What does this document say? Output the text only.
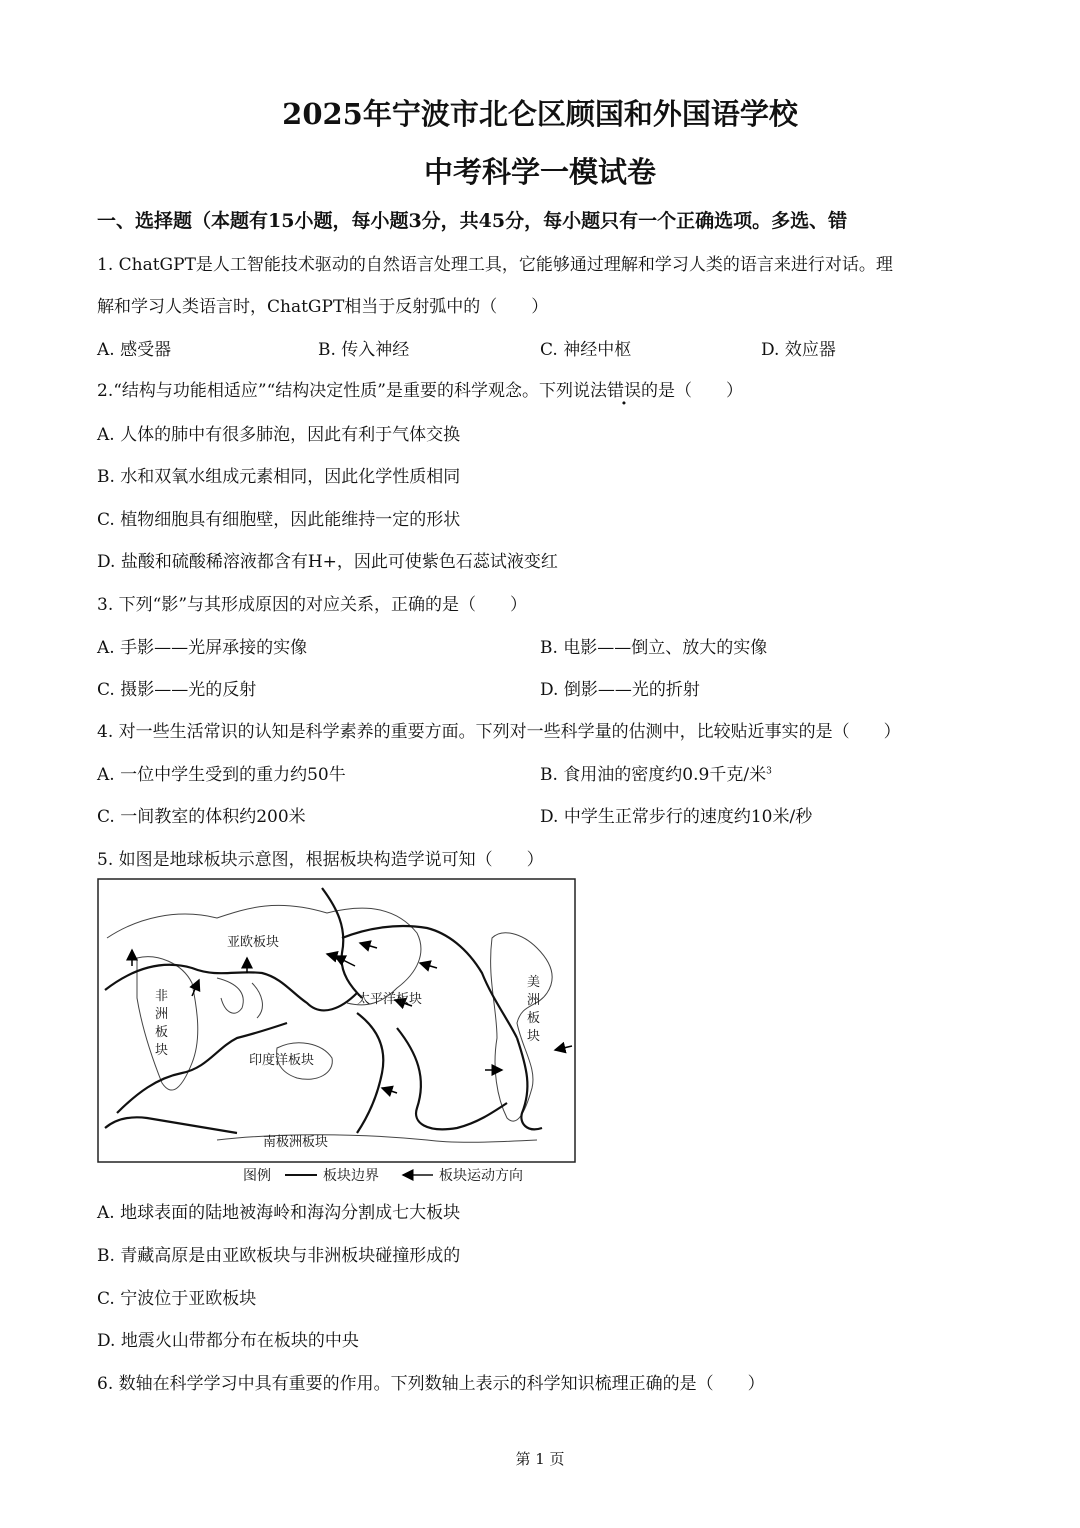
2025年宁波市北仑区顾国和外国语学校
中考科学一模试卷
一、选择题（本题有15小题，每小题3分，共45分，每小题只有一个正确选项。多选、错
1. ChatGPT是人工智能技术驱动的自然语言处理工具，它能够通过理解和学习人类的语言来进行对话。理
解和学习人类语言时，ChatGPT相当于反射弧中的（　　）
A. 感受器	B. 传入神经	C. 神经中枢	D. 效应器
2.“结构与功能相适应”“结构决定性质”是重要的科学观念。下列说法错误的是（　　）
A. 人体的肺中有很多肺泡，因此有利于气体交换
B. 水和双氧水组成元素相同，因此化学性质相同
C. 植物细胞具有细胞壁，因此能维持一定的形状
D. 盐酸和硫酸稀溶液都含有H+，因此可使紫色石蕊试液变红
3. 下列“影”与其形成原因的对应关系，正确的是（　　）
A. 手影——光屏承接的实像	B. 电影——倒立、放大的实像
C. 摄影——光的反射	D. 倒影——光的折射
4. 对一些生活常识的认知是科学素养的重要方面。下列对一些科学量的估测中，比较贴近事实的是（　　）
A. 一位中学生受到的重力约50牛	B. 食用油的密度约0.9千克/米$^3$
C. 一间教室的体积约200米	D. 中学生正常步行的速度约10米/秒
5. 如图是地球板块示意图，根据板块构造学说可知（　　）
亚欧板块
太平洋板块
印度洋板块
南极洲板块
非
洲
板
块
美
洲
板
块
图例	板块边界	板块运动方向
A. 地球表面的陆地被海岭和海沟分割成七大板块
B. 青藏高原是由亚欧板块与非洲板块碰撞形成的
C. 宁波位于亚欧板块
D. 地震火山带都分布在板块的中央
6. 数轴在科学学习中具有重要的作用。下列数轴上表示的科学知识梳理正确的是（　　）
第 1 页
